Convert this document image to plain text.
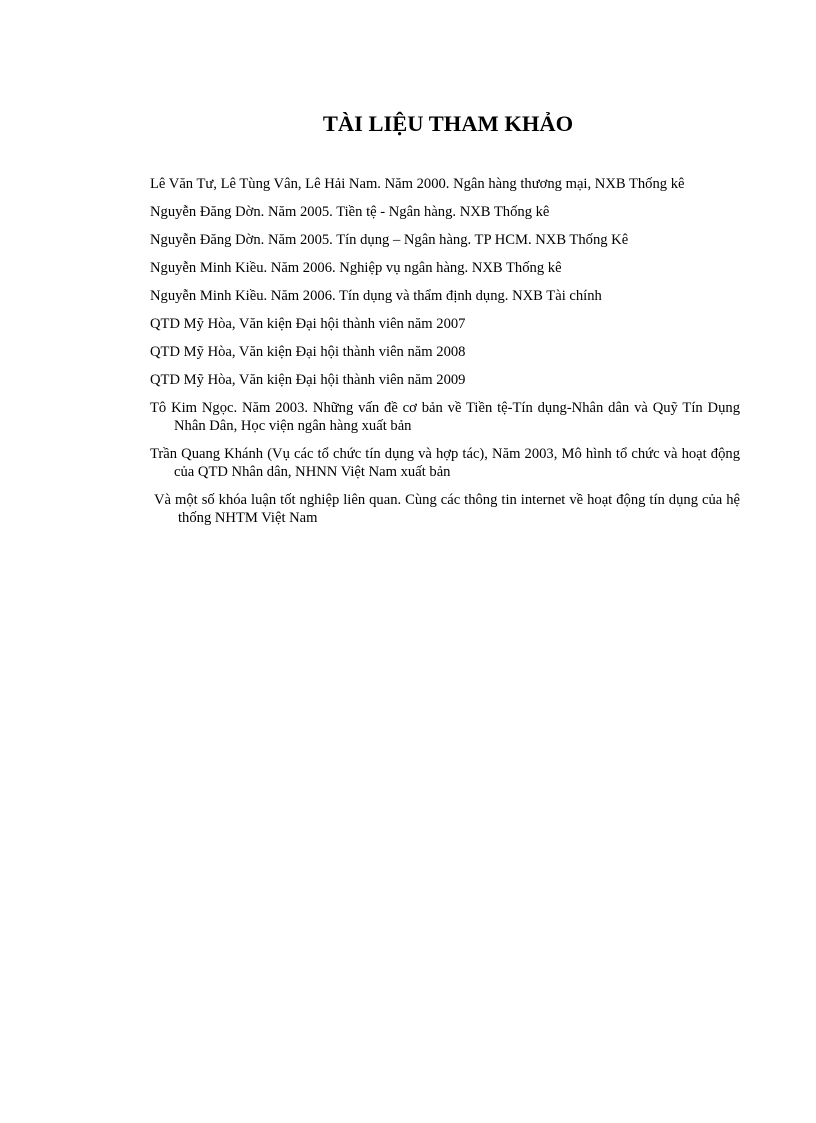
TÀI LIỆU THAM KHẢO
Lê Văn Tư, Lê Tùng Vân, Lê Hải Nam. Năm 2000. Ngân hàng thương mại, NXB Thống kê
Nguyễn Đăng Dờn. Năm 2005. Tiền tệ - Ngân hàng. NXB Thống kê
Nguyễn Đăng Dờn. Năm 2005. Tín dụng – Ngân hàng. TP HCM. NXB Thống Kê
Nguyễn Minh Kiều. Năm 2006. Nghiệp vụ ngân hàng. NXB Thống kê
Nguyễn Minh Kiều. Năm 2006. Tín dụng và thẩm định dụng. NXB Tài chính
QTD Mỹ Hòa, Văn kiện Đại hội thành viên năm 2007
QTD Mỹ Hòa, Văn kiện Đại hội thành viên năm 2008
QTD Mỹ Hòa, Văn kiện Đại hội thành viên năm 2009
Tô Kim Ngọc. Năm 2003. Những vấn đề cơ bản về Tiền tệ-Tín dụng-Nhân dân và Quỹ Tín Dụng Nhân Dân, Học viện ngân hàng xuất bản
Trần Quang Khánh (Vụ các tổ chức tín dụng và hợp tác), Năm 2003, Mô hình tổ chức và hoạt động của QTD Nhân dân, NHNN Việt Nam xuất bản
Và một số khóa luận tốt nghiệp liên quan. Cùng các thông tin internet về hoạt động tín dụng của hệ thống NHTM Việt Nam
